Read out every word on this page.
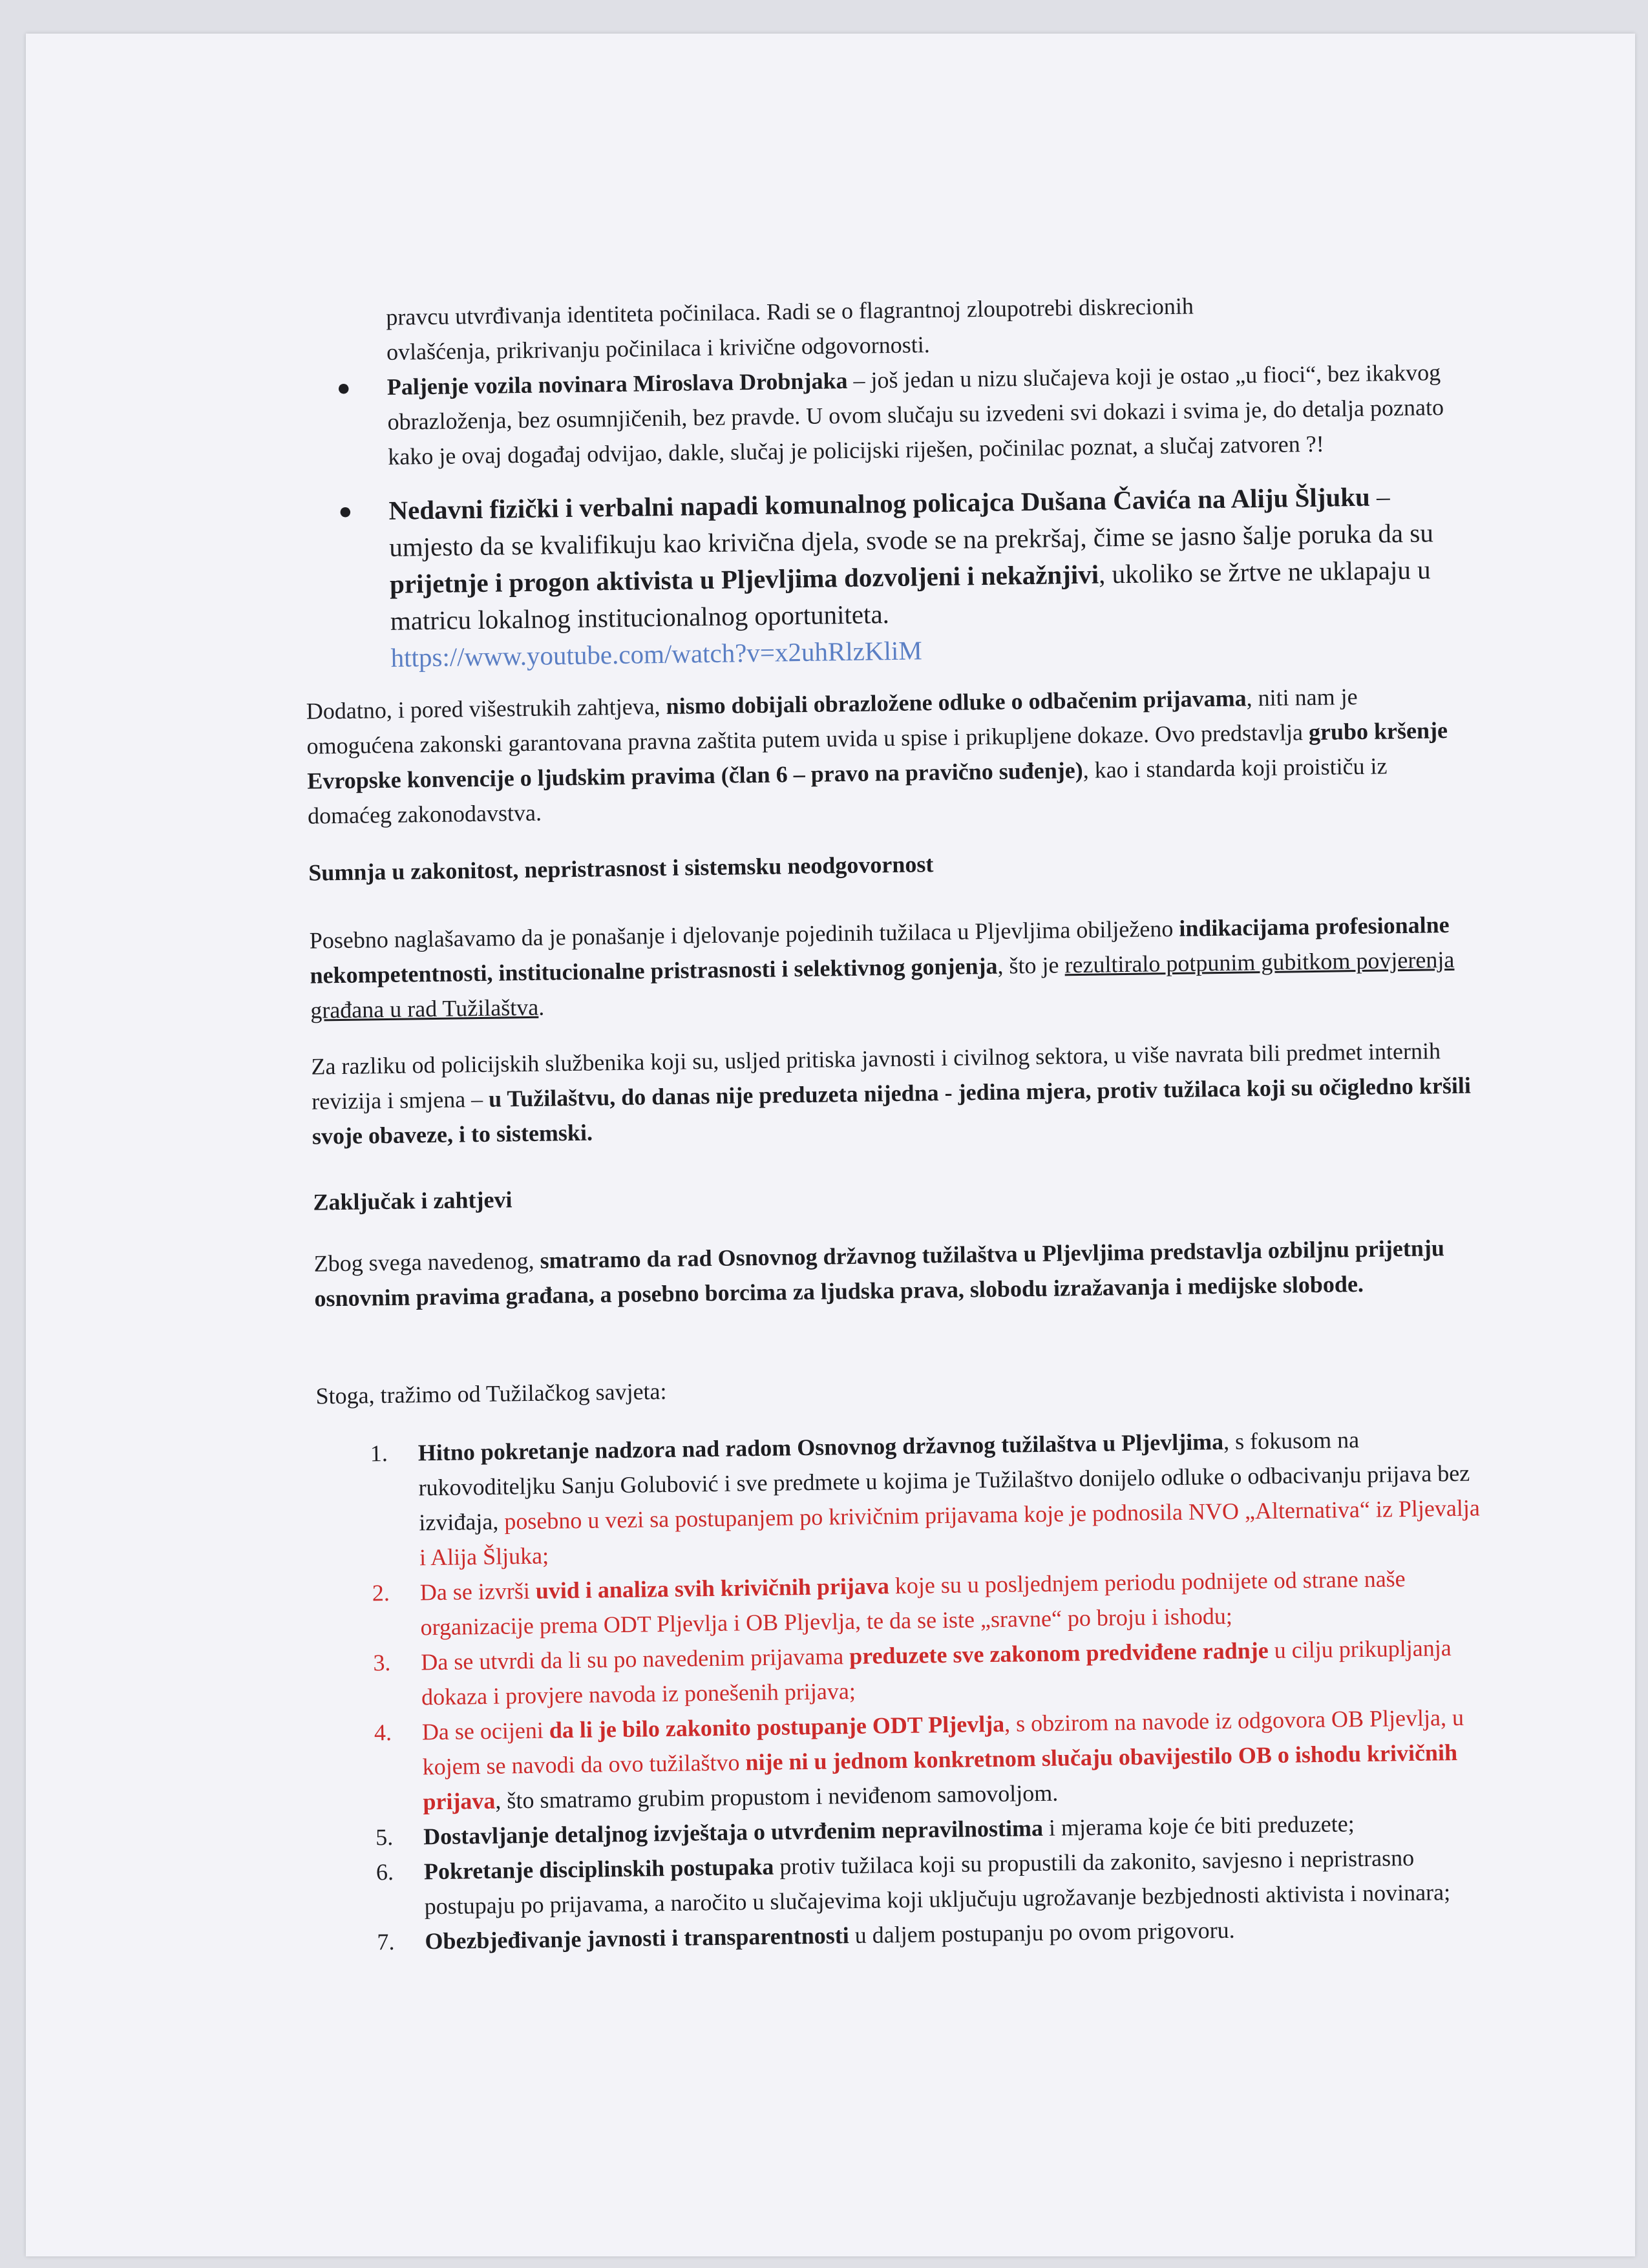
pravcu utvrđivanja identiteta počinilaca. Radi se o flagrantnoj zloupotrebi diskrecionih

ovlašćenja, prikrivanju počinilaca i krivične odgovornosti.

● Paljenje vozila novinara Miroslava Drobnjaka – još jedan u nizu slučajeva koji je ostao „u fioci“, bez ikakvog obrazloženja, bez osumnjičenih, bez pravde. U ovom slučaju su izvedeni svi dokazi i svima je, do detalja poznato kako je ovaj događaj odvijao, dakle, slučaj je policijski riješen, počinilac poznat, a slučaj zatvoren ?!

● Nedavni fizički i verbalni napadi komunalnog policajca Dušana Čavića na Aliju Šljuku – umjesto da se kvalifikuju kao krivična djela, svode se na prekršaj, čime se jasno šalje poruka da su prijetnje i progon aktivista u Pljevljima dozvoljeni i nekažnjivi, ukoliko se žrtve ne uklapaju u matricu lokalnog institucionalnog oportuniteta.

https://www.youtube.com/watch?v=x2uhRlzKliM

Dodatno, i pored višestrukih zahtjeva, nismo dobijali obrazložene odluke o odbačenim prijavama, niti nam je omogućena zakonski garantovana pravna zaštita putem uvida u spise i prikupljene dokaze. Ovo predstavlja grubo kršenje Evropske konvencije o ljudskim pravima (član 6 – pravo na pravično suđenje), kao i standarda koji proističu iz domaćeg zakonodavstva.

Sumnja u zakonitost, nepristrasnost i sistemsku neodgovornost

Posebno naglašavamo da je ponašanje i djelovanje pojedinih tužilaca u Pljevljima obilježeno indikacijama profesionalne nekompetentnosti, institucionalne pristrasnosti i selektivnog gonjenja, što je rezultiralo potpunim gubitkom povjerenja građana u rad Tužilaštva.

Za razliku od policijskih službenika koji su, usljed pritiska javnosti i civilnog sektora, u više navrata bili predmet internih revizija i smjena – u Tužilaštvu, do danas nije preduzeta nijedna - jedina mjera, protiv tužilaca koji su očigledno kršili svoje obaveze, i to sistemski.

Zaključak i zahtjevi

Zbog svega navedenog, smatramo da rad Osnovnog državnog tužilaštva u Pljevljima predstavlja ozbiljnu prijetnju osnovnim pravima građana, a posebno borcima za ljudska prava, slobodu izražavanja i medijske slobode.

Stoga, tražimo od Tužilačkog savjeta:
1. Hitno pokretanje nadzora nad radom Osnovnog državnog tužilaštva u Pljevljima, s fokusom na rukovoditeljku Sanju Golubović i sve predmete u kojima je Tužilaštvo donijelo odluke o odbacivanju prijava bez izviđaja, posebno u vezi sa postupanjem po krivičnim prijavama koje je podnosila NVO „Alternativa“ iz Pljevalja i Alija Šljuka;

2. Da se izvrši uvid i analiza svih krivičnih prijava koje su u posljednjem periodu podnijete od strane naše organizacije prema ODT Pljevlja i OB Pljevlja, te da se iste „sravne“ po broju i ishodu;

3. Da se utvrdi da li su po navedenim prijavama preduzete sve zakonom predviđene radnje u cilju prikupljanja dokaza i provjere navoda iz ponešenih prijava;

4. Da se ocijeni da li je bilo zakonito postupanje ODT Pljevlja, s obzirom na navode iz odgovora OB Pljevlja, u kojem se navodi da ovo tužilaštvo nije ni u jednom konkretnom slučaju obavijestilo OB o ishodu krivičnih prijava, što smatramo grubim propustom i neviđenom samovoljom.

5. Dostavljanje detaljnog izvještaja o utvrđenim nepravilnostima i mjerama koje će biti preduzete;

6. Pokretanje disciplinskih postupaka protiv tužilaca koji su propustili da zakonito, savjesno i nepristrasno postupaju po prijavama, a naročito u slučajevima koji uključuju ugrožavanje bezbjednosti aktivista i novinara;

7. Obezbjeđivanje javnosti i transparentnosti u daljem postupanju po ovom prigovoru.
